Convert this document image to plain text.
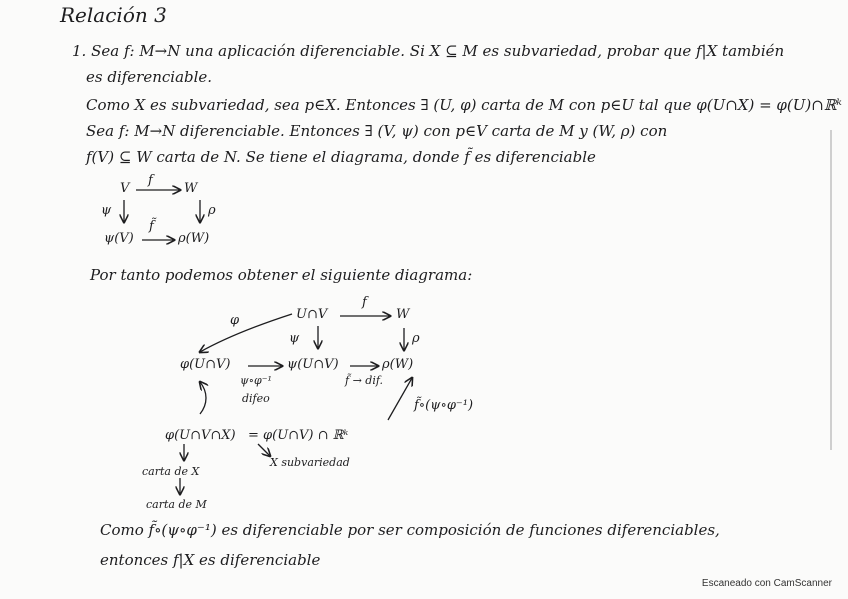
Relación 3
1. Sea f: M→N una aplicación diferenciable. Si X ⊆ M es subvariedad, probar que f|X también
es diferenciable.
Como X es subvariedad, sea p∈X. Entonces ∃ (U, φ) carta de M con p∈U tal que φ(U∩X) = φ(U)∩ℝᵏ
Sea f: M→N diferenciable. Entonces ∃ (V, ψ) con p∈V carta de M y (W, ρ) con
f(V) ⊆ W carta de N. Se tiene el diagrama, donde f̃ es diferenciable
V
f
W
ψ	ρ
ψ(V)
f̃
ρ(W)
Por tanto podemos obtener el siguiente diagrama:
φ	U∩V
f
W
ψ	ρ
φ(U∩V)	ψ(U∩V)	ρ(W)
ψ∘φ⁻¹
difeo
f̃ → dif.
f̃∘(ψ∘φ⁻¹)
φ(U∩V∩X) = φ(U∩V) ∩ ℝᵏ
X subvariedad
carta de X
carta de M
Como f̃∘(ψ∘φ⁻¹) es diferenciable por ser composición de funciones diferenciables,
entonces f|X es diferenciable
Escaneado con CamScanner
